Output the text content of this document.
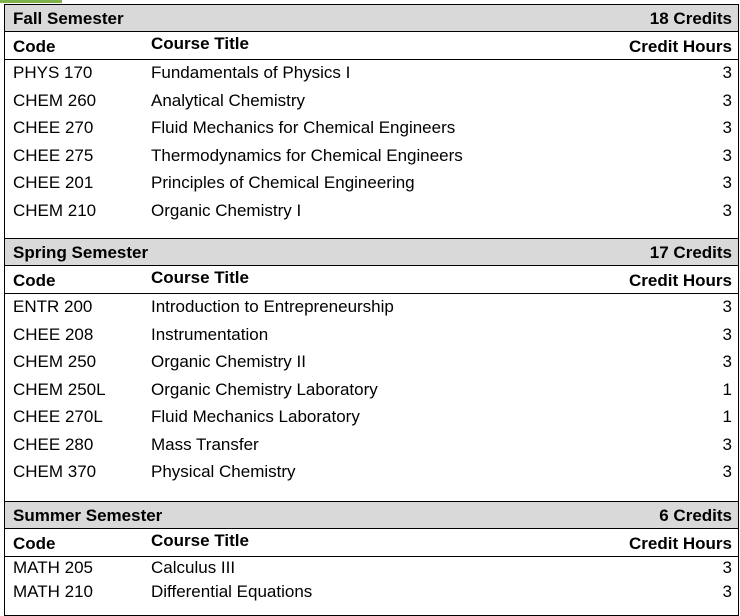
Fall Semester	18 Credits
Code	Course Title	Credit Hours
PHYS 170	Fundamentals of Physics I	3
CHEM 260	Analytical Chemistry	3
CHEE 270	Fluid Mechanics for Chemical Engineers	3
CHEE 275	Thermodynamics for Chemical Engineers	3
CHEE 201	Principles of Chemical Engineering	3
CHEM 210	Organic Chemistry I	3
Spring Semester	17 Credits
Code	Course Title	Credit Hours
ENTR 200	Introduction to Entrepreneurship	3
CHEE 208	Instrumentation	3
CHEM 250	Organic Chemistry II	3
CHEM 250L	Organic Chemistry Laboratory	1
CHEE 270L	Fluid Mechanics Laboratory	1
CHEE 280	Mass Transfer	3
CHEM 370	Physical Chemistry	3
Summer Semester	6 Credits
Code	Course Title	Credit Hours
MATH 205	Calculus III	3
MATH 210	Differential Equations	3
